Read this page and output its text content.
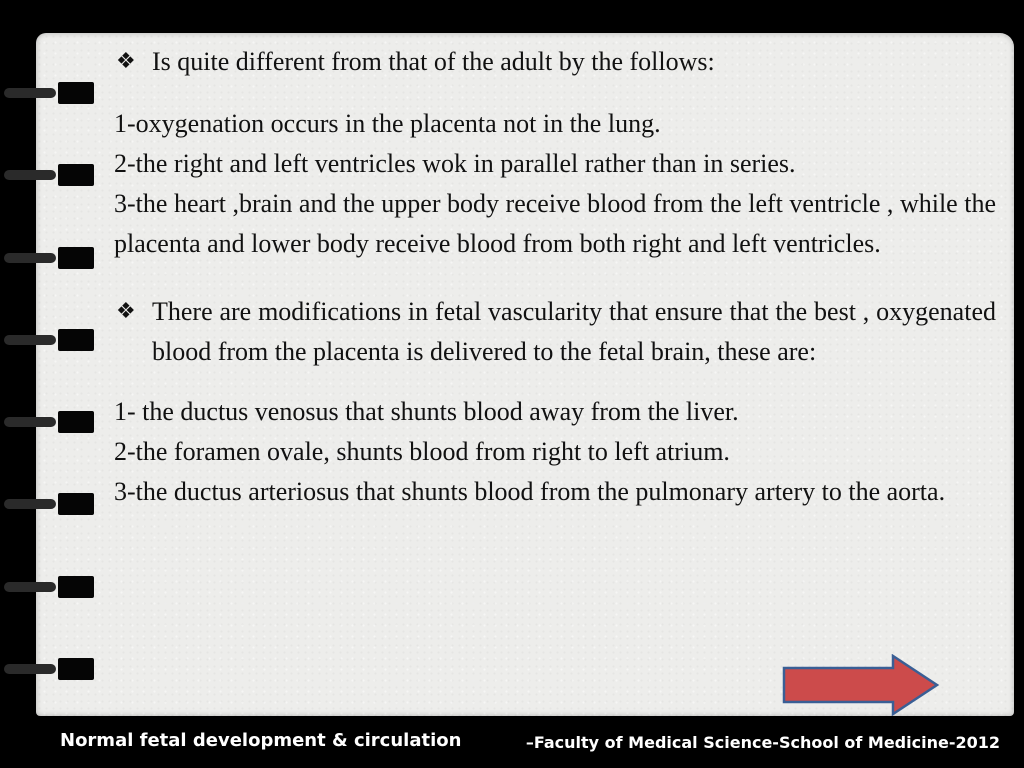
❖ Is quite different from that of the adult by the follows:
1-oxygenation occurs in the placenta not in the lung.
2-the right and left ventricles wok in parallel rather than in series.
3-the heart ,brain and the upper body receive blood from the left ventricle , while the placenta and lower body receive blood from both right and left ventricles.
❖ There are modifications in fetal vascularity that ensure that the best , oxygenated blood from the placenta is delivered to the fetal brain, these are:
1- the ductus venosus that shunts blood away from the liver.
2-the foramen ovale, shunts blood from right to left atrium.
3-the ductus arteriosus that shunts blood from the pulmonary artery to the aorta.
Normal fetal development & circulation	–Faculty of Medical Science-School of Medicine-2012
